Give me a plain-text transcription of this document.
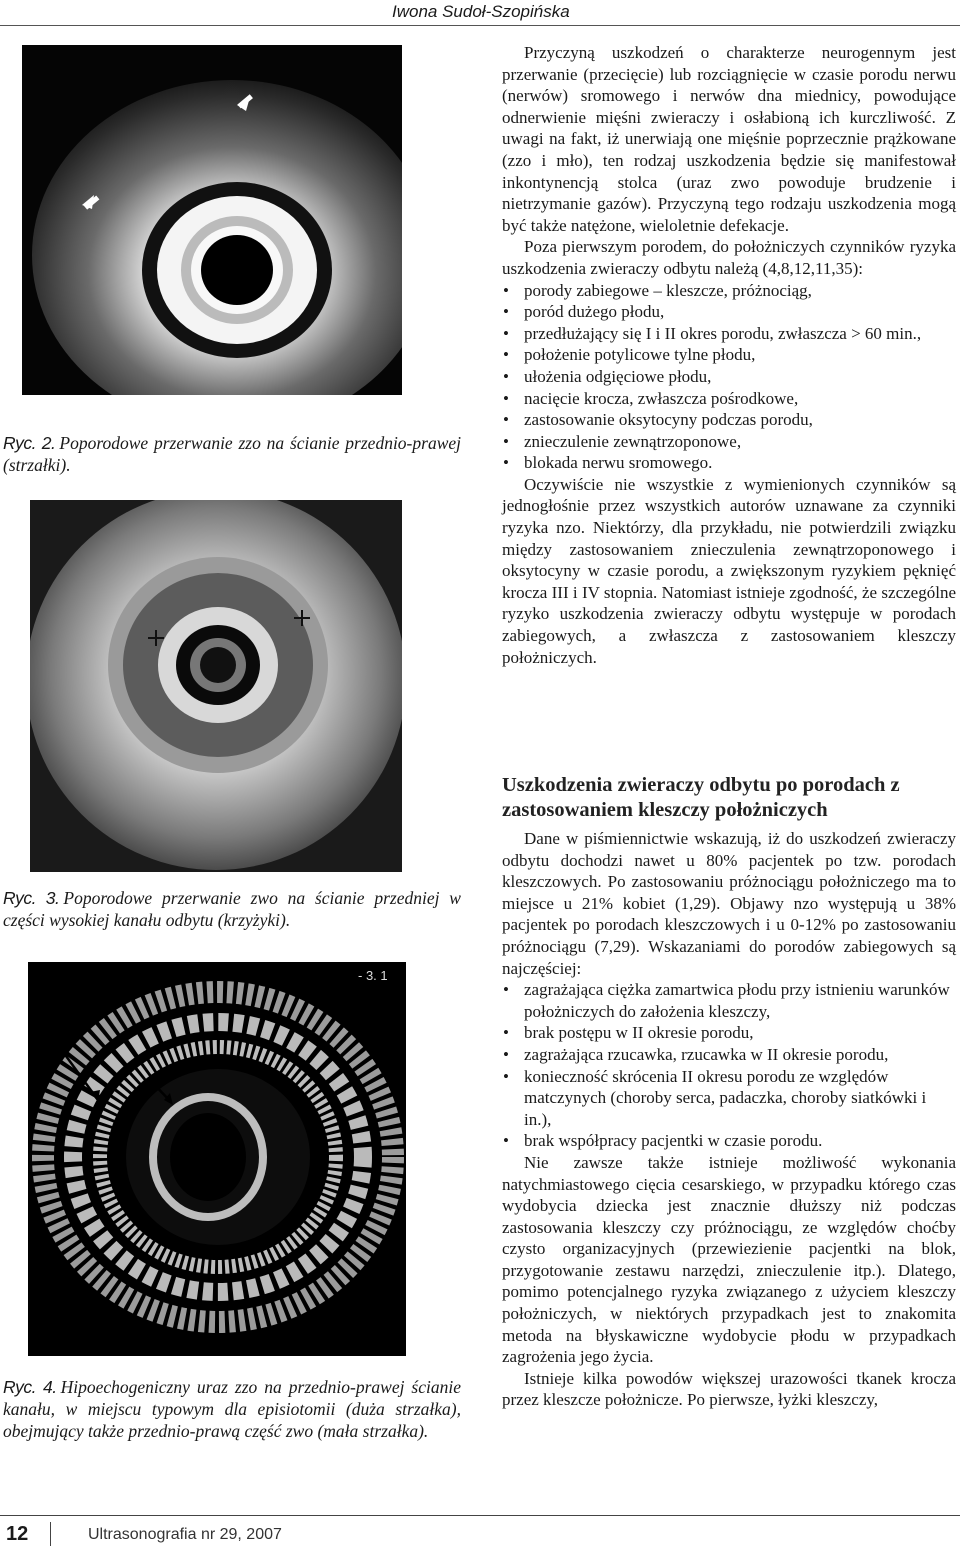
Iwona Sudoł-Szopińska
Ryc. 2. Poporodowe przerwanie zzo na ścianie przednio-prawej (strzałki).
Ryc. 3. Poporodowe przerwanie zwo na ścianie przedniej w części wysokiej kanału odbytu (krzyżyki).
- 3. 1
Ryc. 4. Hipoechogeniczny uraz zzo na przednio-prawej ścianie kanału, w miejscu typowym dla episiotomii (duża strzałka), obejmujący także przednio-prawą część zwo (mała strzałka).

Przyczyną uszkodzeń o charakterze neurogennym jest przerwanie (przecięcie) lub rozciągnięcie w czasie porodu nerwu (nerwów) sromowego i nerwów dna miednicy, powodujące odnerwienie mięśni zwieraczy i osłabioną ich kurczliwość. Z uwagi na fakt, iż unerwiają one mięśnie poprzecznie prążkowane (zzo i mło), ten rodzaj uszkodzenia będzie się manifestował inkontynencją stolca (uraz zwo powoduje brudzenie i nietrzymanie gazów). Przyczyną tego rodzaju uszkodzenia mogą być także natężone, wieloletnie defekacje.

Poza pierwszym porodem, do położniczych czynników ryzyka uszkodzenia zwieraczy odbytu należą (4,8,12,11,35):

• porody zabiegowe – kleszcze, próżnociąg,
• poród dużego płodu,
• przedłużający się I i II okres porodu, zwłaszcza > 60 min.,
• położenie potylicowe tylne płodu,
• ułożenia odgięciowe płodu,
• nacięcie krocza, zwłaszcza pośrodkowe,
• zastosowanie oksytocyny podczas porodu,
• znieczulenie zewnątrzoponowe,
• blokada nerwu sromowego.

Oczywiście nie wszystkie z wymienionych czynników są jednogłośnie przez wszystkich autorów uznawane za czynniki ryzyka nzo. Niektórzy, dla przykładu, nie potwierdzili związku między zastosowaniem znieczulenia zewnątrzoponowego i oksytocyny w czasie porodu, a zwiększonym ryzykiem pęknięć krocza III i IV stopnia. Natomiast istnieje zgodność, że szczególne ryzyko uszkodzenia zwieraczy odbytu występuje w porodach zabiegowych, a zwłaszcza z zastosowaniem kleszczy położniczych.

Uszkodzenia zwieraczy odbytu po porodach z zastosowaniem kleszczy położniczych

Dane w piśmiennictwie wskazują, iż do uszkodzeń zwieraczy odbytu dochodzi nawet u 80% pacjentek po tzw. porodach kleszczowych. Po zastosowaniu próżnociągu położniczego ma to miejsce u 21% kobiet (1,29). Objawy nzo występują u 38% pacjentek po porodach kleszczowych i u 0-12% po zastosowaniu próżnociągu (7,29). Wskazaniami do porodów zabiegowych są najczęściej:

• zagrażająca ciężka zamartwica płodu przy istnieniu warunków położniczych do założenia kleszczy,
• brak postępu w II okresie porodu,
• zagrażająca rzucawka, rzucawka w II okresie porodu,
• konieczność skrócenia II okresu porodu ze względów matczynych (choroby serca, padaczka, choroby siatkówki i in.),
• brak współpracy pacjentki w czasie porodu.

Nie zawsze także istnieje możliwość wykonania natychmiastowego cięcia cesarskiego, w przypadku którego czas wydobycia dziecka jest znacznie dłuższy niż podczas zastosowania kleszczy czy próżnociągu, ze względów choćby czysto organizacyjnych (przewiezienie pacjentki na blok, przygotowanie zestawu narzędzi, znieczulenie itp.). Dlatego, pomimo potencjalnego ryzyka związanego z użyciem kleszczy położniczych, w niektórych przypadkach jest to znakomita metoda na błyskawiczne wydobycie płodu w przypadkach zagrożenia jego życia.

Istnieje kilka powodów większej urazowości tkanek kroczа przez kleszcze położnicze. Po pierwsze, łyżki kleszczy,

12	Ultrasonografia nr 29, 2007
